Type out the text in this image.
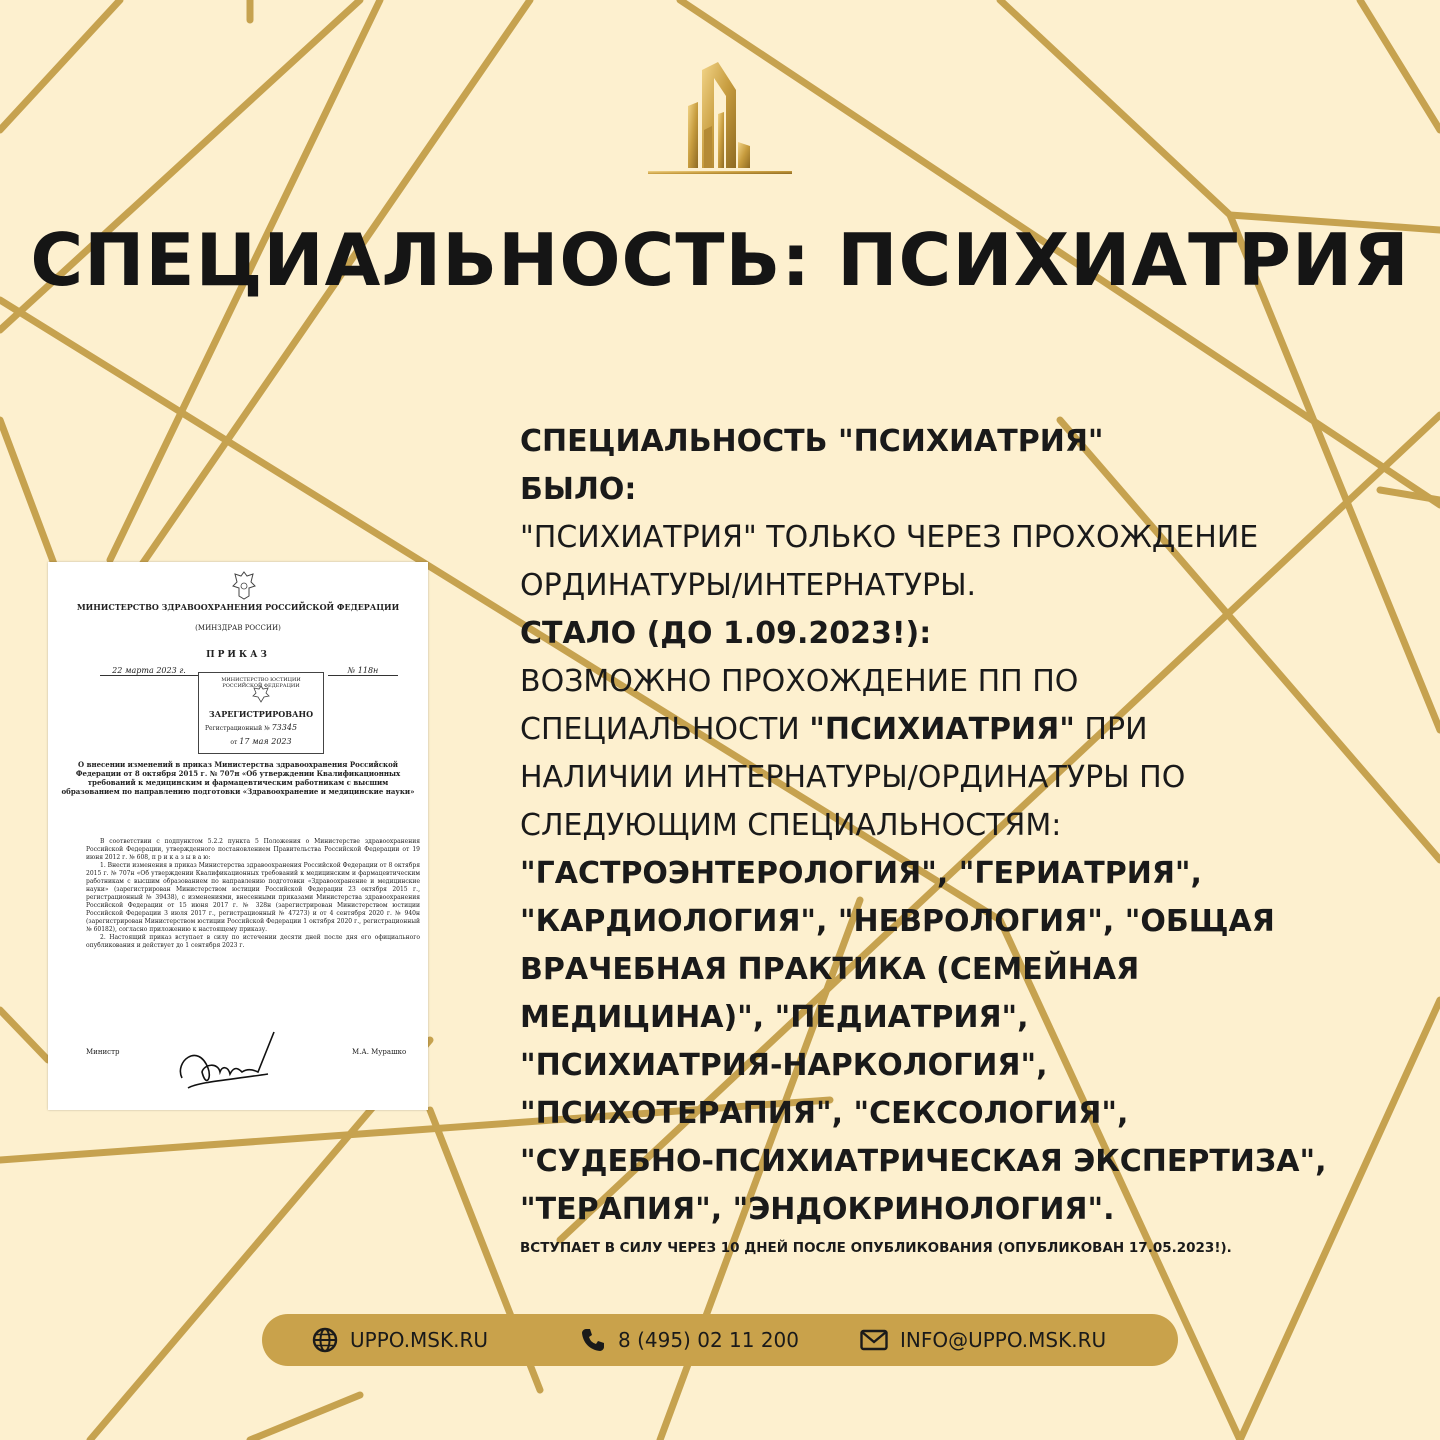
СПЕЦИАЛЬНОСТЬ: ПСИХИАТРИЯ
МИНИСТЕРСТВО ЗДРАВООХРАНЕНИЯ РОССИЙСКОЙ ФЕДЕРАЦИИ
(МИНЗДРАВ РОССИИ)
ПРИКАЗ
22 марта 2023 г.	№ 118н
МИНИСТЕРСТВО ЮСТИЦИИ РОССИЙСКОЙ ФЕДЕРАЦИИ
ЗАРЕГИСТРИРОВАНО
Регистрационный № 73345
от 17 мая 2023
О внесении изменений в приказ Министерства здравоохранения Российской Федерации от 8 октября 2015 г. № 707н «Об утверждении Квалификационных требований к медицинским и фармацевтическим работникам с высшим образованием по направлению подготовки «Здравоохранение и медицинские науки»

В соответствии с подпунктом 5.2.2 пункта 5 Положения о Министерстве здравоохранения Российской Федерации, утвержденного постановлением Правительства Российской Федерации от 19 июня 2012 г. № 608, п р и к а з ы в а ю:

1. Внести изменения в приказ Министерства здравоохранения Российской Федерации от 8 октября 2015 г. № 707н «Об утверждении Квалификационных требований к медицинским и фармацевтическим работникам с высшим образованием по направлению подготовки «Здравоохранение и медицинские науки» (зарегистрирован Министерством юстиции Российской Федерации 23 октября 2015 г., регистрационный № 39438), с изменениями, внесенными приказами Министерства здравоохранения Российской Федерации от 15 июня 2017 г. № 328н (зарегистрирован Министерством юстиции Российской Федерации 3 июля 2017 г., регистрационный № 47273) и от 4 сентября 2020 г. № 940н (зарегистрирован Министерством юстиции Российской Федерации 1 октября 2020 г., регистрационный № 60182), согласно приложению к настоящему приказу.

2. Настоящий приказ вступает в силу по истечении десяти дней после дня его официального опубликования и действует до 1 сентября 2023 г.

Министр	М.А. Мурашко

СПЕЦИАЛЬНОСТЬ "ПСИХИАТРИЯ"

БЫЛО:

"ПСИХИАТРИЯ" ТОЛЬКО ЧЕРЕЗ ПРОХОЖДЕНИЕ

ОРДИНАТУРЫ/ИНТЕРНАТУРЫ.

СТАЛО (ДО 1.09.2023!):

ВОЗМОЖНО ПРОХОЖДЕНИЕ ПП ПО

СПЕЦИАЛЬНОСТИ "ПСИХИАТРИЯ" ПРИ

НАЛИЧИИ ИНТЕРНАТУРЫ/ОРДИНАТУРЫ ПО

СЛЕДУЮЩИМ СПЕЦИАЛЬНОСТЯМ:

"ГАСТРОЭНТЕРОЛОГИЯ", "ГЕРИАТРИЯ",

"КАРДИОЛОГИЯ", "НЕВРОЛОГИЯ", "ОБЩАЯ

ВРАЧЕБНАЯ ПРАКТИКА (СЕМЕЙНАЯ

МЕДИЦИНА)", "ПЕДИАТРИЯ",

"ПСИХИАТРИЯ-НАРКОЛОГИЯ",

"ПСИХОТЕРАПИЯ", "СЕКСОЛОГИЯ",

"СУДЕБНО-ПСИХИАТРИЧЕСКАЯ ЭКСПЕРТИЗА",

"ТЕРАПИЯ", "ЭНДОКРИНОЛОГИЯ".

ВСТУПАЕТ В СИЛУ ЧЕРЕЗ 10 ДНЕЙ ПОСЛЕ ОПУБЛИКОВАНИЯ (ОПУБЛИКОВАН 17.05.2023!).

UPPO.MSK.RU	8 (495) 02 11 200	INFO@UPPO.MSK.RU
